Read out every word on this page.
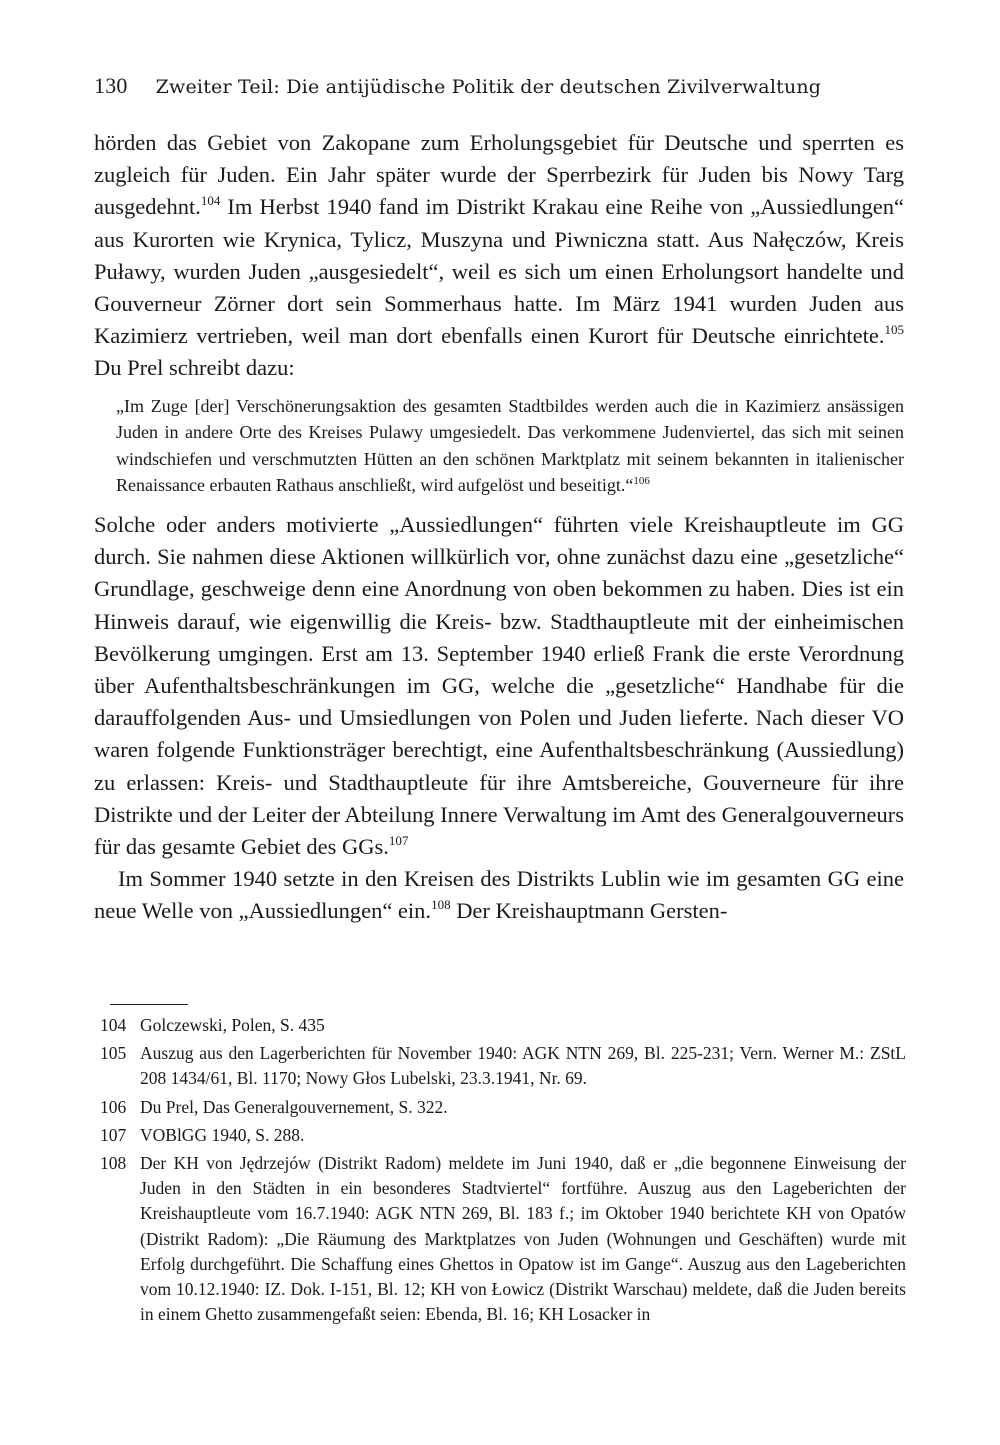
130 Zweiter Teil: Die antijüdische Politik der deutschen Zivilverwaltung

hörden das Gebiet von Zakopane zum Erholungsgebiet für Deutsche und sperrten es zugleich für Juden. Ein Jahr später wurde der Sperrbezirk für Juden bis Nowy Targ ausgedehnt.$^{104}$ Im Herbst 1940 fand im Distrikt Krakau eine Reihe von „Aussiedlungen“ aus Kurorten wie Krynica, Tylicz, Muszyna und Piwniczna statt. Aus Nałęczów, Kreis Puławy, wurden Juden „ausgesiedelt“, weil es sich um einen Erholungsort handelte und Gouverneur Zörner dort sein Sommerhaus hatte. Im März 1941 wurden Juden aus Kazimierz vertrieben, weil man dort ebenfalls einen Kurort für Deutsche einrichtete.$^{105}$ Du Prel schreibt dazu:

„Im Zuge [der] Verschönerungsaktion des gesamten Stadtbildes werden auch die in Kazimierz ansässigen Juden in andere Orte des Kreises Pulawy umgesiedelt. Das verkommene Judenviertel, das sich mit seinen windschiefen und verschmutzten Hütten an den schönen Marktplatz mit seinem bekannten in italienischer Renaissance erbauten Rathaus anschließt, wird aufgelöst und beseitigt.“$^{106}$

Solche oder anders motivierte „Aussiedlungen“ führten viele Kreishauptleute im GG durch. Sie nahmen diese Aktionen willkürlich vor, ohne zunächst dazu eine „gesetzliche“ Grundlage, geschweige denn eine Anordnung von oben bekommen zu haben. Dies ist ein Hinweis darauf, wie eigenwillig die Kreis- bzw. Stadthauptleute mit der einheimischen Bevölkerung umgingen. Erst am 13. September 1940 erließ Frank die erste Verordnung über Aufenthaltsbeschränkungen im GG, welche die „gesetzliche“ Handhabe für die darauffolgenden Aus- und Umsiedlungen von Polen und Juden lieferte. Nach dieser VO waren folgende Funktionsträger berechtigt, eine Aufenthaltsbeschränkung (Aussiedlung) zu erlassen: Kreis- und Stadthauptleute für ihre Amtsbereiche, Gouverneure für ihre Distrikte und der Leiter der Abteilung Innere Verwaltung im Amt des Generalgouverneurs für das gesamte Gebiet des GGs.$^{107}$

Im Sommer 1940 setzte in den Kreisen des Distrikts Lublin wie im gesamten GG eine neue Welle von „Aussiedlungen“ ein.$^{108}$ Der Kreishauptmann Gersten-

104 Golczewski, Polen, S. 435
105 Auszug aus den Lagerberichten für November 1940: AGK NTN 269, Bl. 225-231; Vern. Werner M.: ZStL 208 1434/61, Bl. 1170; Nowy Głos Lubelski, 23.3.1941, Nr. 69.
106 Du Prel, Das Generalgouvernement, S. 322.
107 VOBlGG 1940, S. 288.
108 Der KH von Jędrzejów (Distrikt Radom) meldete im Juni 1940, daß er „die begonnene Einweisung der Juden in den Städten in ein besonderes Stadtviertel“ fortführe. Auszug aus den Lageberichten der Kreishauptleute vom 16.7.1940: AGK NTN 269, Bl. 183 f.; im Oktober 1940 berichtete KH von Opatów (Distrikt Radom): „Die Räumung des Marktplatzes von Juden (Wohnungen und Geschäften) wurde mit Erfolg durchgeführt. Die Schaffung eines Ghettos in Opatow ist im Gange“. Auszug aus den Lageberichten vom 10.12.1940: IZ. Dok. I-151, Bl. 12; KH von Łowicz (Distrikt Warschau) meldete, daß die Juden bereits in einem Ghetto zusammengefaßt seien: Ebenda, Bl. 16; KH Losacker in
